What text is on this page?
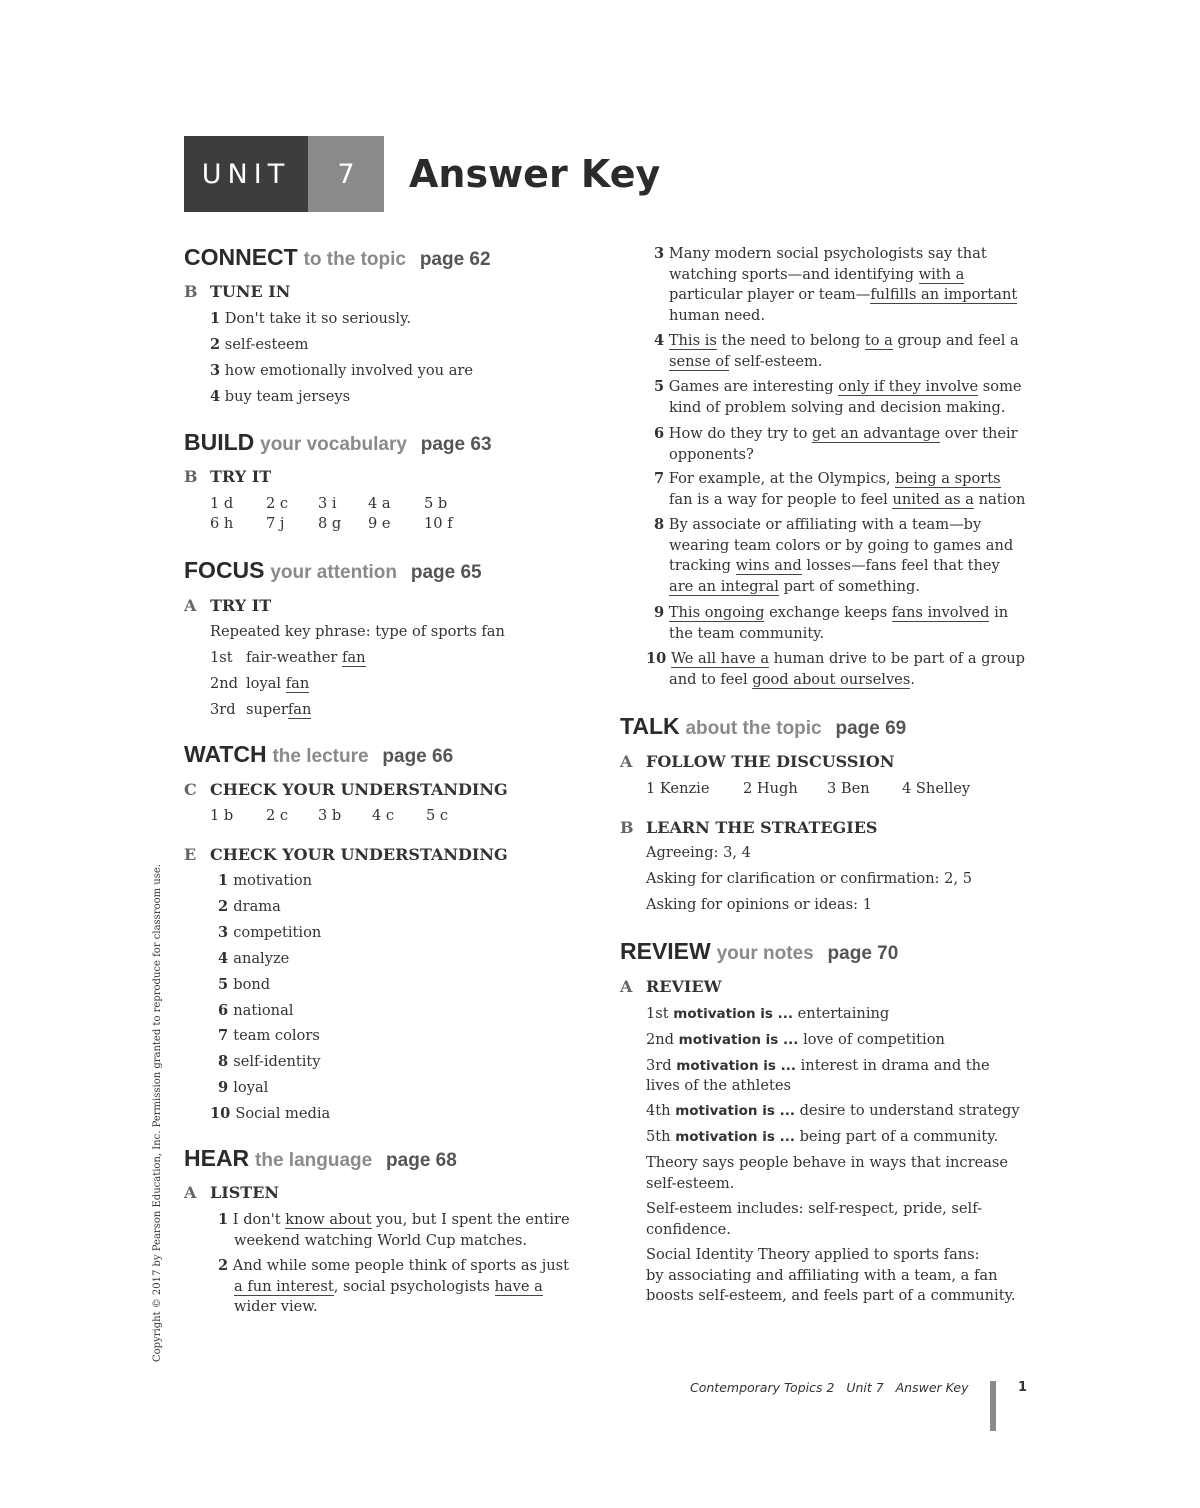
UNIT	7	Answer Key
CONNECT to the topic page 62
B TUNE IN
1 Don't take it so seriously.
2 self-esteem
3 how emotionally involved you are
4 buy team jerseys
BUILD your vocabulary page 63
B TRY IT
1 d 2 c 3 i 4 a 5 b
6 h 7 j 8 g 9 e 10 f
FOCUS your attention page 65
A TRY IT
Repeated key phrase: type of sports fan
1st fair-weather fan
2nd loyal fan
3rd superfan
WATCH the lecture page 66
C CHECK YOUR UNDERSTANDING
1 b 2 c 3 b 4 c 5 c
E CHECK YOUR UNDERSTANDING
1 motivation
2 drama
3 competition
4 analyze
5 bond
6 national
7 team colors
8 self-identity
9 loyal
10 Social media
HEAR the language page 68
A LISTEN
1 I don't know about you, but I spent the entire
weekend watching World Cup matches.
2 And while some people think of sports as just
a fun interest, social psychologists have a
wider view.
3 Many modern social psychologists say that
watching sports—and identifying with a
particular player or team—fulfills an important
human need.
4 This is the need to belong to a group and feel a
sense of self-esteem.
5 Games are interesting only if they involve some
kind of problem solving and decision making.
6 How do they try to get an advantage over their
opponents?
7 For example, at the Olympics, being a sports
fan is a way for people to feel united as a nation
8 By associate or affiliating with a team—by
wearing team colors or by going to games and
tracking wins and losses—fans feel that they
are an integral part of something.
9 This ongoing exchange keeps fans involved in
the team community.
10 We all have a human drive to be part of a group
and to feel good about ourselves.
TALK about the topic page 69
A FOLLOW THE DISCUSSION
1 Kenzie 2 Hugh 3 Ben 4 Shelley
B LEARN THE STRATEGIES
Agreeing: 3, 4
Asking for clarification or confirmation: 2, 5
Asking for opinions or ideas: 1
REVIEW your notes page 70
A REVIEW
1st motivation is ... entertaining
2nd motivation is ... love of competition
3rd motivation is ... interest in drama and the
4th motivation is ... desire to understand strategy
5th motivation is ... being part of a community.
lives of the athletes
Theory says people behave in ways that increase
self-esteem.
Self-esteem includes: self-respect, pride, self-
confidence.
Social Identity Theory applied to sports fans:
by associating and affiliating with a team, a fan
boosts self-esteem, and feels part of a community.
Contemporary Topics 2   Unit 7   Answer Key	1
Copyright © 2017 by Pearson Education, Inc. Permission granted to reproduce for classroom use.
